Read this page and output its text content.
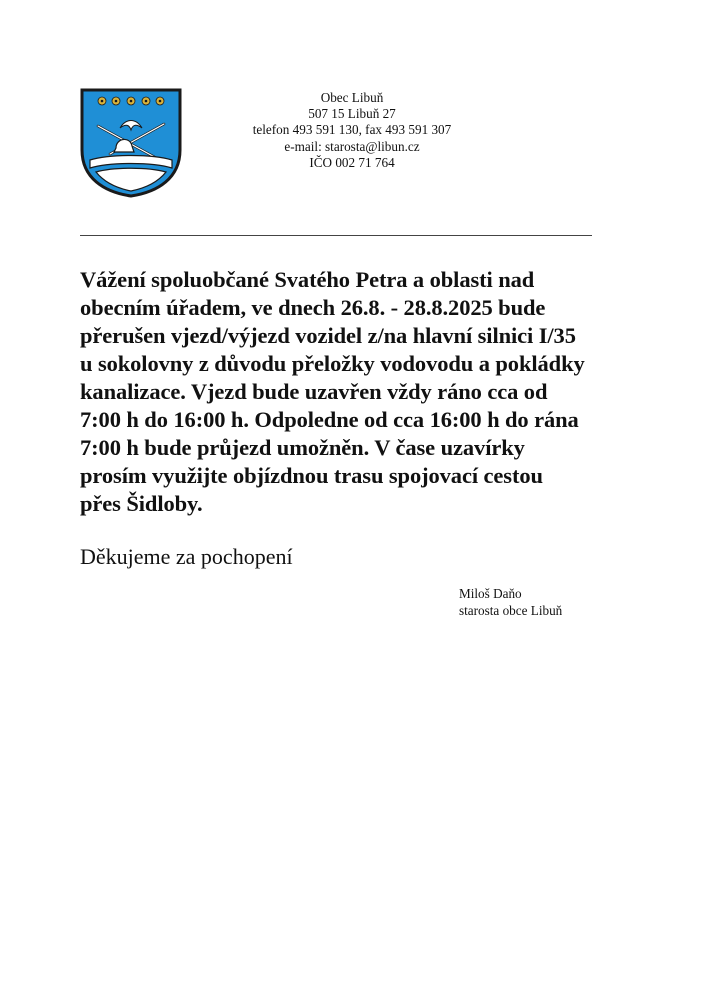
Obec Libuň
507 15 Libuň 27
telefon 493 591 130, fax 493 591 307
e-mail: starosta@libun.cz
IČO 002 71 764

Vážení spoluobčané Svatého Petra a oblasti nad
obecním úřadem, ve dnech 26.8. - 28.8.2025 bude
přerušen vjezd/výjezd vozidel z/na hlavní silnici I/35
u sokolovny z důvodu přeložky vodovodu a pokládky
kanalizace. Vjezd bude uzavřen vždy ráno cca od
7:00 h do 16:00 h. Odpoledne od cca 16:00 h do rána
7:00 h bude průjezd umožněn. V čase uzavírky
prosím využijte objízdnou trasu spojovací cestou
přes Šidloby.

Děkujeme za pochopení

Miloš Daňo
starosta obce Libuň
